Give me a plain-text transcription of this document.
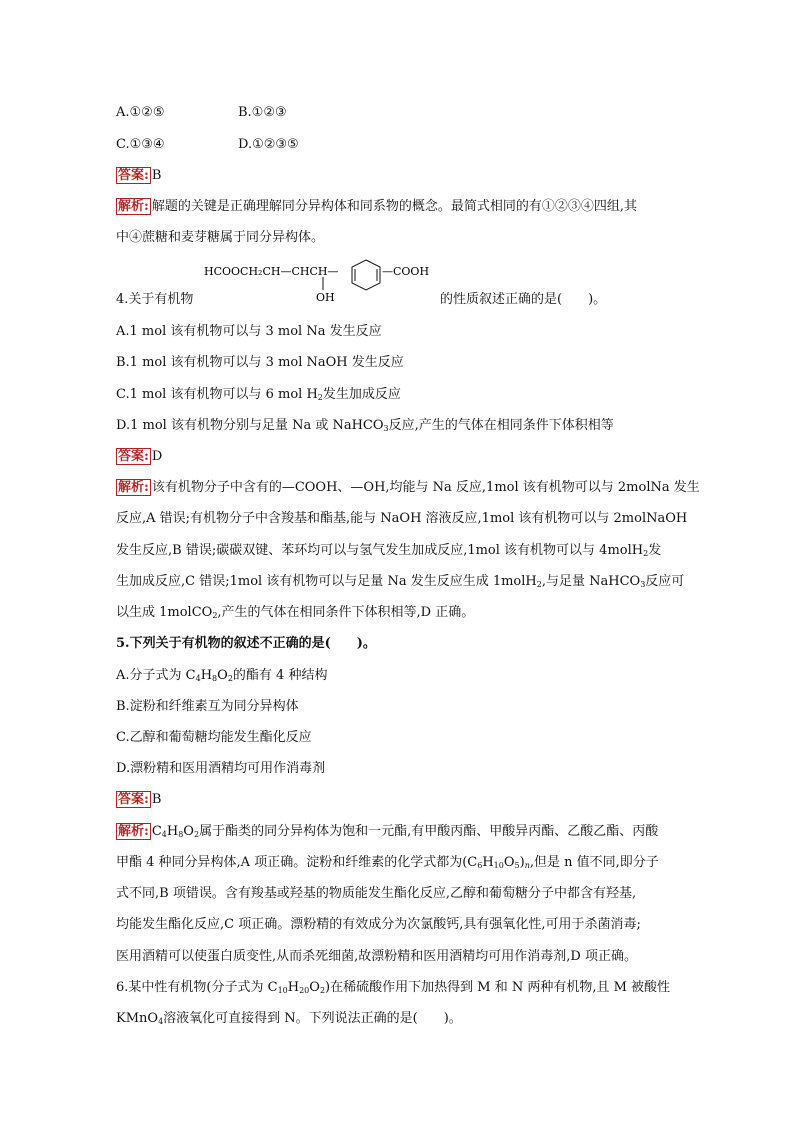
A.①②⑤	B.①②③
C.①③④	D.①②③⑤
答案: B
解析: 解题的关键是正确理解同分异构体和同系物的概念。最简式相同的有①②③④四组,其
中④蔗糖和麦芽糖属于同分异构体。
HCOOCH₂CH—CHCH—
OH
—COOH
4.关于有机物	的性质叙述正确的是(　　)。
A.1 mol 该有机物可以与 3 mol Na 发生反应
B.1 mol 该有机物可以与 3 mol NaOH 发生反应
C.1 mol 该有机物可以与 6 mol $H_2$发生加成反应
D.1 mol 该有机物分别与足量 Na 或 NaHCO$_3$反应,产生的气体在相同条件下体积相等
答案: D
解析: 该有机物分子中含有的—COOH、—OH,均能与 Na 反应,1mol 该有机物可以与 2molNa 发生
反应,A 错误;有机物分子中含羧基和酯基,能与 NaOH 溶液反应,1mol 该有机物可以与 2molNaOH
发生反应,B 错误;碳碳双键、苯环均可以与氢气发生加成反应,1mol 该有机物可以与 4molH$_2$发
生加成反应,C 错误;1mol 该有机物可以与足量 Na 发生反应生成 1molH$_2$,与足量 NaHCO$_3$反应可
以生成 1molCO$_2$,产生的气体在相同条件下体积相等,D 正确。
5.下列关于有机物的叙述不正确的是(　　)。
A.分子式为 $C_4H_8O_2$的酯有 4 种结构
B.淀粉和纤维素互为同分异构体
C.乙醇和葡萄糖均能发生酯化反应
D.漂粉精和医用酒精均可用作消毒剂
答案: B
解析: $C_4H_8O_2$属于酯类的同分异构体为饱和一元酯,有甲酸丙酯、甲酸异丙酯、乙酸乙酯、丙酸
甲酯 4 种同分异构体,A 项正确。淀粉和纤维素的化学式都为$(C_6H_{10}O_5)_n$,但是 n 值不同,即分子
式不同,B 项错误。含有羧基或羟基的物质能发生酯化反应,乙醇和葡萄糖分子中都含有羟基,
均能发生酯化反应,C 项正确。漂粉精的有效成分为次氯酸钙,具有强氧化性,可用于杀菌消毒;
医用酒精可以使蛋白质变性,从而杀死细菌,故漂粉精和医用酒精均可用作消毒剂,D 项正确。
6.某中性有机物(分子式为 $C_{10}H_{20}O_2$)在稀硫酸作用下加热得到 M 和 N 两种有机物,且 M 被酸性
KMnO$_4$溶液氧化可直接得到 N。下列说法正确的是(　　)。
